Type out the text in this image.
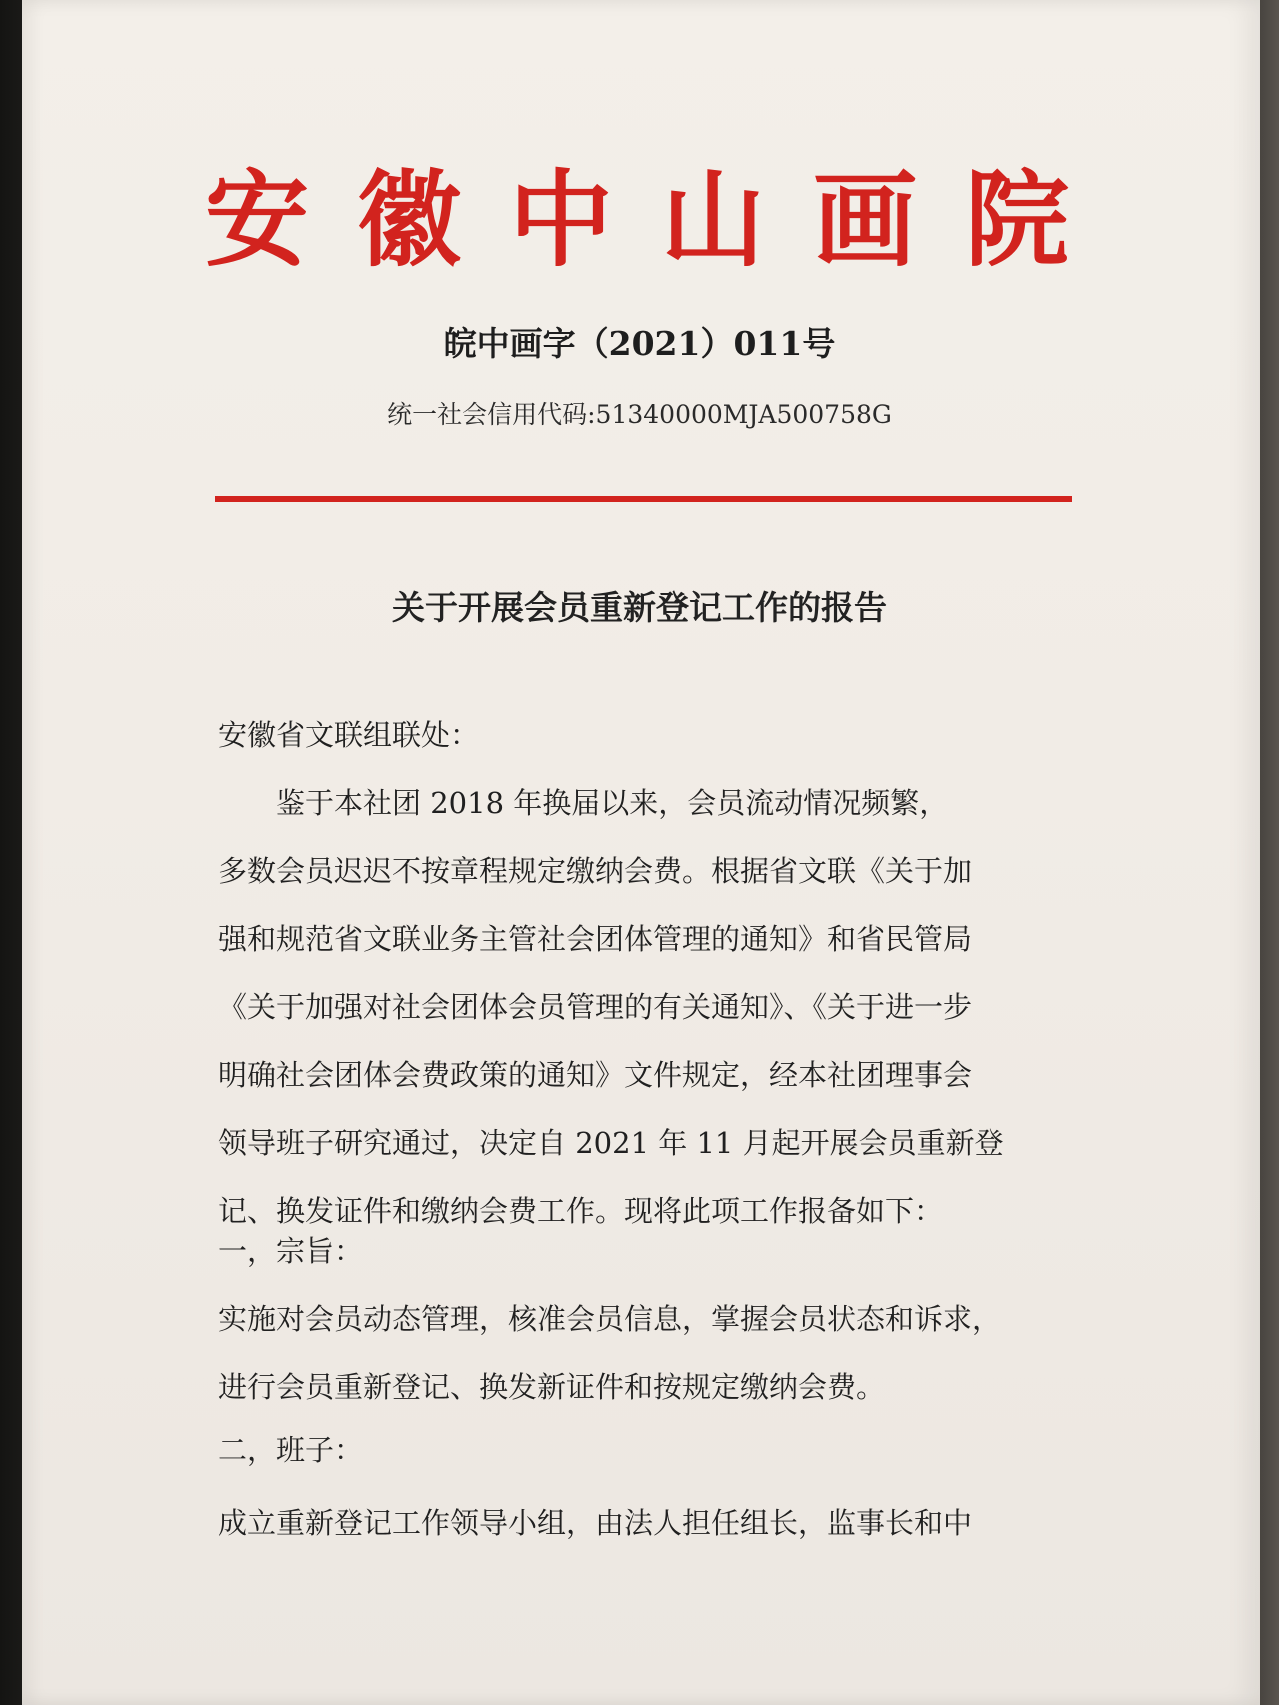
安徽中山画院

皖中画字（2021）011号

统一社会信用代码:51340000MJA500758G

关于开展会员重新登记工作的报告

安徽省文联组联处：

　　鉴于本社团 2018 年换届以来，会员流动情况频繁，

多数会员迟迟不按章程规定缴纳会费。根据省文联《关于加

强和规范省文联业务主管社会团体管理的通知》和省民管局

《关于加强对社会团体会员管理的有关通知》、《关于进一步

明确社会团体会费政策的通知》文件规定，经本社团理事会

领导班子研究通过，决定自 2021 年 11 月起开展会员重新登

记、换发证件和缴纳会费工作。现将此项工作报备如下：

一，宗旨：

实施对会员动态管理，核准会员信息，掌握会员状态和诉求，

进行会员重新登记、换发新证件和按规定缴纳会费。

二，班子：

成立重新登记工作领导小组，由法人担任组长，监事长和中
